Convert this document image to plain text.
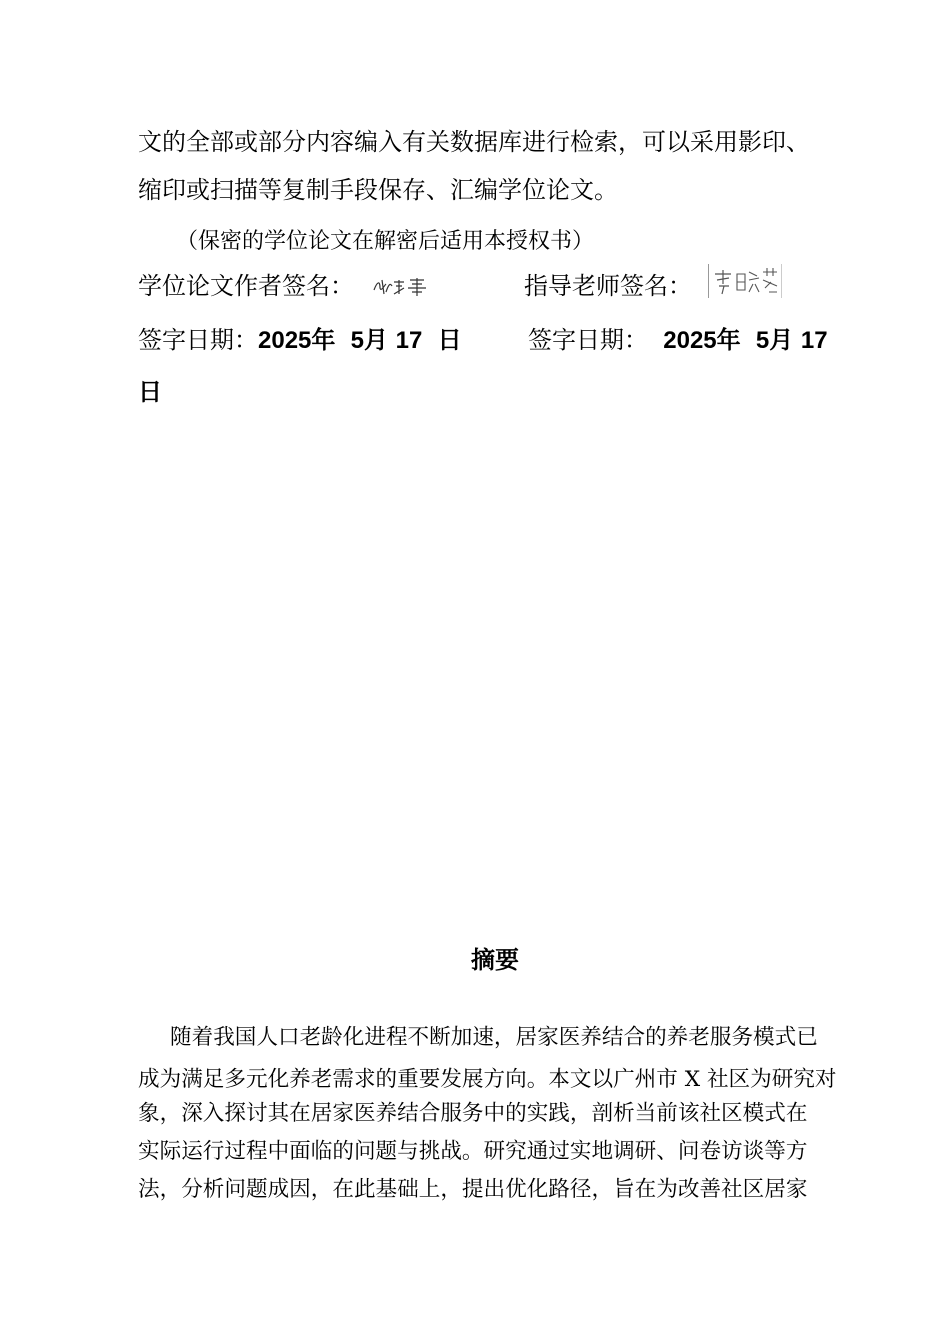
文的全部或部分内容编入有关数据库进行检索，可以采用影印、
缩印或扫描等复制手段保存、汇编学位论文。
（保密的学位论文在解密后适用本授权书）
学位论文作者签名：	指导老师签名：
签字日期：2025年 5月 17 日	签字日期： 2025年 5月 17
日
摘要
随着我国人口老龄化进程不断加速，居家医养结合的养老服务模式已
成为满足多元化养老需求的重要发展方向。本文以广州市 X 社区为研究对
象，深入探讨其在居家医养结合服务中的实践，剖析当前该社区模式在
实际运行过程中面临的问题与挑战。研究通过实地调研、问卷访谈等方
法，分析问题成因，在此基础上，提出优化路径，旨在为改善社区居家
